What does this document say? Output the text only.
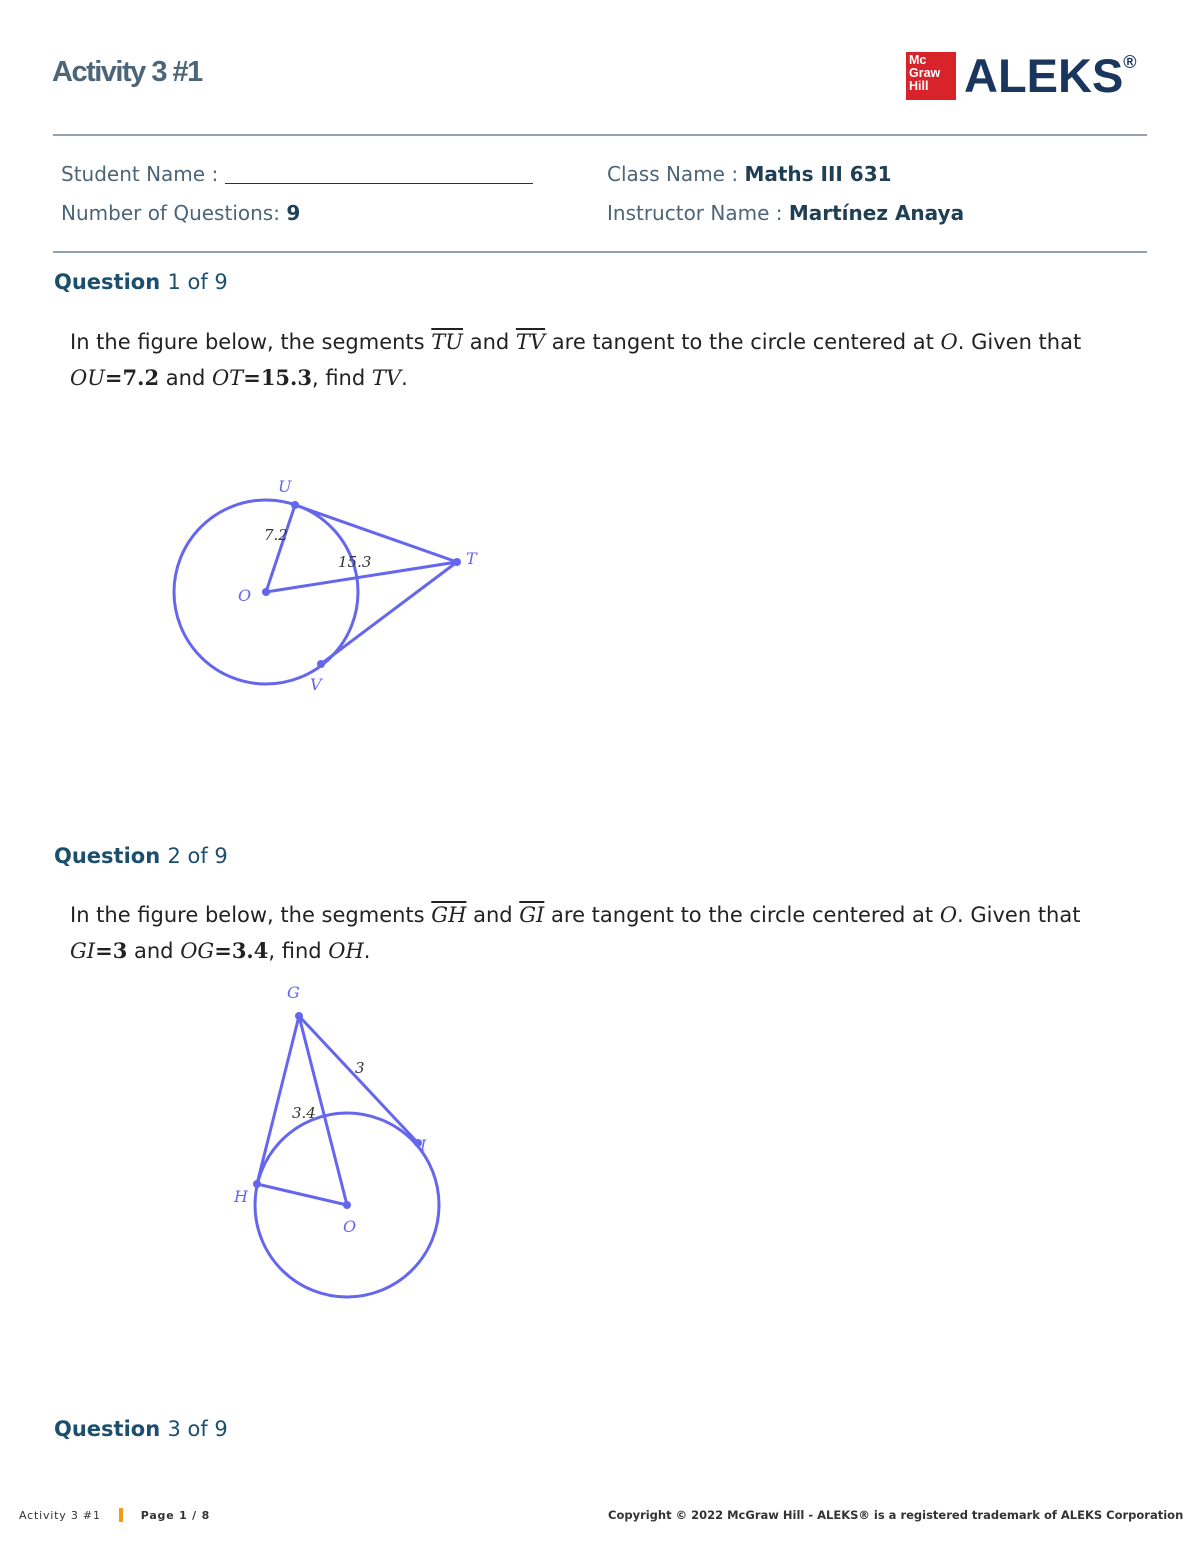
Activity 3 #1	Mc
Graw
Hill ALEKS®
Student Name :	Class Name : Maths III 631
Number of Questions: 9	Instructor Name : Martínez Anaya
Question 1 of 9
In the figure below, the segments $\overline{TU}$ and $\overline{TV}$ are tangent to the circle centered at O. Given that
OU=7.2 and OT=15.3, find TV.
U
T
O
V
7.2
15.3
Question 2 of 9
In the figure below, the segments $\overline{GH}$ and $\overline{GI}$ are tangent to the circle centered at O. Given that
GI=3 and OG=3.4, find OH.
G
I
H
O
3
3.4
Question 3 of 9
Activity 3 #1	Page 1 / 8	Copyright © 2022 McGraw Hill - ALEKS® is a registered trademark of ALEKS Corporation
